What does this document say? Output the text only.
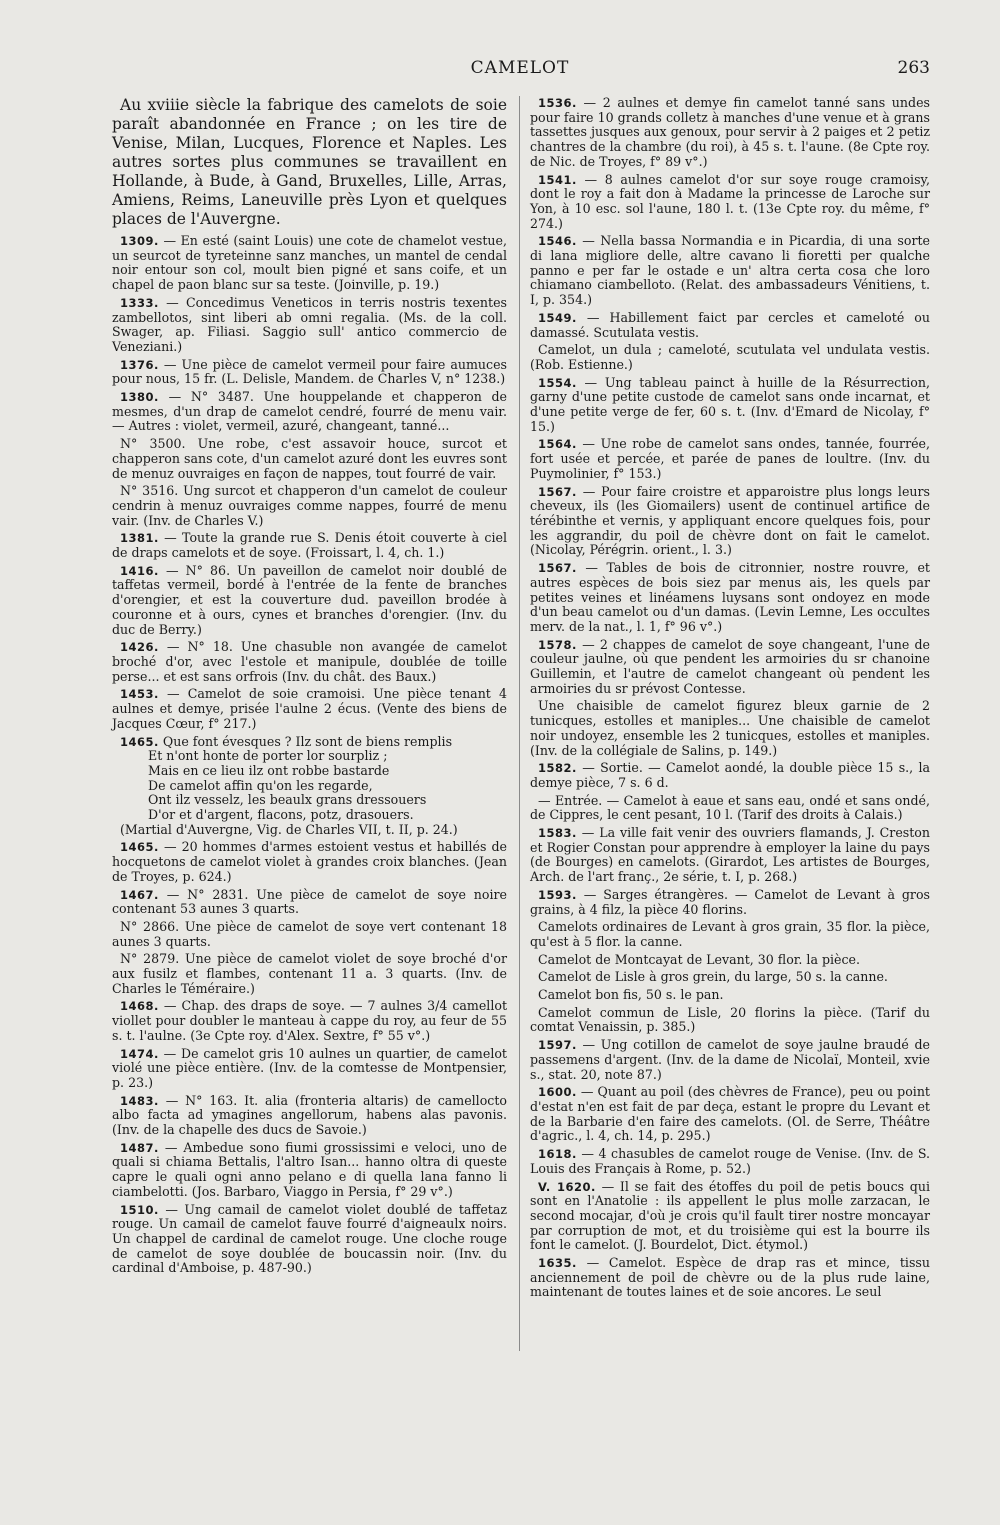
CAMELOT	263

Au xviiie siècle la fabrique des camelots de soie paraît abandonnée en France ; on les tire de Venise, Milan, Lucques, Florence et Naples. Les autres sortes plus communes se travaillent en Hollande, à Bude, à Gand, Bruxelles, Lille, Arras, Amiens, Reims, Laneuville près Lyon et quelques places de l'Auvergne.

1309. — En esté (saint Louis) une cote de chamelot vestue, un seurcot de tyreteinne sanz manches, un mantel de cendal noir entour son col, moult bien pigné et sans coife, et un chapel de paon blanc sur sa teste. (Joinville, p. 19.)

1333. — Concedimus Veneticos in terris nostris texentes zambellotos, sint liberi ab omni regalia. (Ms. de la coll. Swager, ap. Filiasi. Saggio sull' antico commercio de Veneziani.)

1376. — Une pièce de camelot vermeil pour faire aumuces pour nous, 15 fr. (L. Delisle, Mandem. de Charles V, n° 1238.)

1380. — N° 3487. Une houppelande et chapperon de mesmes, d'un drap de camelot cendré, fourré de menu vair. — Autres : violet, vermeil, azuré, changeant, tanné...

N° 3500. Une robe, c'est assavoir houce, surcot et chapperon sans cote, d'un camelot azuré dont les euvres sont de menuz ouvraiges en façon de nappes, tout fourré de vair.

N° 3516. Ung surcot et chapperon d'un camelot de couleur cendrin à menuz ouvraiges comme nappes, fourré de menu vair. (Inv. de Charles V.)

1381. — Toute la grande rue S. Denis étoit couverte à ciel de draps camelots et de soye. (Froissart, l. 4, ch. 1.)

1416. — N° 86. Un paveillon de camelot noir doublé de taffetas vermeil, bordé à l'entrée de la fente de branches d'orengier, et est la couverture dud. paveillon brodée à couronne et à ours, cynes et branches d'orengier. (Inv. du duc de Berry.)

1426. — N° 18. Une chasuble non avangée de camelot broché d'or, avec l'estole et manipule, doublée de toille perse... et est sans orfrois (Inv. du chât. des Baux.)

1453. — Camelot de soie cramoisi. Une pièce tenant 4 aulnes et demye, prisée l'aulne 2 écus. (Vente des biens de Jacques Cœur, f° 217.)

1465. Que font évesques ? Ilz sont de biens remplis
Et n'ont honte de porter lor sourpliz ;
Mais en ce lieu ilz ont robbe bastarde
De camelot affin qu'on les regarde,
Ont ilz vesselz, les beaulx grans dressouers
D'or et d'argent, flacons, potz, drasouers.
(Martial d'Auvergne, Vig. de Charles VII, t. II, p. 24.)

1465. — 20 hommes d'armes estoient vestus et habillés de hocquetons de camelot violet à grandes croix blanches. (Jean de Troyes, p. 624.)

1467. — N° 2831. Une pièce de camelot de soye noire contenant 53 aunes 3 quarts.

N° 2866. Une pièce de camelot de soye vert contenant 18 aunes 3 quarts.

N° 2879. Une pièce de camelot violet de soye broché d'or aux fusilz et flambes, contenant 11 a. 3 quarts. (Inv. de Charles le Téméraire.)

1468. — Chap. des draps de soye. — 7 aulnes 3/4 camellot viollet pour doubler le manteau à cappe du roy, au feur de 55 s. t. l'aulne. (3e Cpte roy. d'Alex. Sextre, f° 55 v°.)

1474. — De camelot gris 10 aulnes un quartier, de camelot violé une pièce entière. (Inv. de la comtesse de Montpensier, p. 23.)

1483. — N° 163. It. alia (fronteria altaris) de camellocto albo facta ad ymagines angellorum, habens alas pavonis. (Inv. de la chapelle des ducs de Savoie.)

1487. — Ambedue sono fiumi grossissimi e veloci, uno de quali si chiama Bettalis, l'altro Isan... hanno oltra di queste capre le quali ogni anno pelano e di quella lana fanno li ciambelotti. (Jos. Barbaro, Viaggo in Persia, f° 29 v°.)

1510. — Ung camail de camelot violet doublé de taffetaz rouge. Un camail de camelot fauve fourré d'aigneaulx noirs. Un chappel de cardinal de camelot rouge. Une cloche rouge de camelot de soye doublée de boucassin noir. (Inv. du cardinal d'Amboise, p. 487-90.)

1536. — 2 aulnes et demye fin camelot tanné sans undes pour faire 10 grands colletz à manches d'une venue et à grans tassettes jusques aux genoux, pour servir à 2 paiges et 2 petiz chantres de la chambre (du roi), à 45 s. t. l'aune. (8e Cpte roy. de Nic. de Troyes, f° 89 v°.)

1541. — 8 aulnes camelot d'or sur soye rouge cramoisy, dont le roy a fait don à Madame la princesse de Laroche sur Yon, à 10 esc. sol l'aune, 180 l. t. (13e Cpte roy. du même, f° 274.)

1546. — Nella bassa Normandia e in Picardia, di una sorte di lana migliore delle, altre cavano li fioretti per qualche panno e per far le ostade e un' altra certa cosa che loro chiamano ciambelloto. (Relat. des ambassadeurs Vénitiens, t. I, p. 354.)

1549. — Habillement faict par cercles et cameloté ou damassé. Scutulata vestis.

Camelot, un dula ; cameloté, scutulata vel undulata vestis. (Rob. Estienne.)

1554. — Ung tableau painct à huille de la Résurrection, garny d'une petite custode de camelot sans onde incarnat, et d'une petite verge de fer, 60 s. t. (Inv. d'Emard de Nicolay, f° 15.)

1564. — Une robe de camelot sans ondes, tannée, fourrée, fort usée et percée, et parée de panes de loultre. (Inv. du Puymolinier, f° 153.)

1567. — Pour faire croistre et apparoistre plus longs leurs cheveux, ils (les Giomailers) usent de continuel artifice de térébinthe et vernis, y appliquant encore quelques fois, pour les aggrandir, du poil de chèvre dont on fait le camelot. (Nicolay, Pérégrin. orient., l. 3.)

1567. — Tables de bois de citronnier, nostre rouvre, et autres espèces de bois siez par menus ais, les quels par petites veines et linéamens luysans sont ondoyez en mode d'un beau camelot ou d'un damas. (Levin Lemne, Les occultes merv. de la nat., l. 1, f° 96 v°.)

1578. — 2 chappes de camelot de soye changeant, l'une de couleur jaulne, où que pendent les armoiries du sr chanoine Guillemin, et l'autre de camelot changeant où pendent les armoiries du sr prévost Contesse.

Une chaisible de camelot figurez bleux garnie de 2 tunicques, estolles et maniples... Une chaisible de camelot noir undoyez, ensemble les 2 tunicques, estolles et maniples. (Inv. de la collégiale de Salins, p. 149.)

1582. — Sortie. — Camelot aondé, la double pièce 15 s., la demye pièce, 7 s. 6 d.

— Entrée. — Camelot à eaue et sans eau, ondé et sans ondé, de Cippres, le cent pesant, 10 l. (Tarif des droits à Calais.)

1583. — La ville fait venir des ouvriers flamands, J. Creston et Rogier Constan pour apprendre à employer la laine du pays (de Bourges) en camelots. (Girardot, Les artistes de Bourges, Arch. de l'art franç., 2e série, t. I, p. 268.)

1593. — Sarges étrangères. — Camelot de Levant à gros grains, à 4 filz, la pièce 40 florins.

Camelots ordinaires de Levant à gros grain, 35 flor. la pièce, qu'est à 5 flor. la canne.

Camelot de Montcayat de Levant, 30 flor. la pièce.

Camelot de Lisle à gros grein, du large, 50 s. la canne.

Camelot bon fis, 50 s. le pan.

Camelot commun de Lisle, 20 florins la pièce. (Tarif du comtat Venaissin, p. 385.)

1597. — Ung cotillon de camelot de soye jaulne braudé de passemens d'argent. (Inv. de la dame de Nicolaï, Monteil, xvie s., stat. 20, note 87.)

1600. — Quant au poil (des chèvres de France), peu ou point d'estat n'en est fait de par deça, estant le propre du Levant et de la Barbarie d'en faire des camelots. (Ol. de Serre, Théâtre d'agric., l. 4, ch. 14, p. 295.)

1618. — 4 chasubles de camelot rouge de Venise. (Inv. de S. Louis des Français à Rome, p. 52.)

V. 1620. — Il se fait des étoffes du poil de petis boucs qui sont en l'Anatolie : ils appellent le plus molle zarzacan, le second mocajar, d'où je crois qu'il fault tirer nostre moncayar par corruption de mot, et du troisième qui est la bourre ils font le camelot. (J. Bourdelot, Dict. étymol.)

1635. — Camelot. Espèce de drap ras et mince, tissu anciennement de poil de chèvre ou de la plus rude laine, maintenant de toutes laines et de soie ancores. Le seul
